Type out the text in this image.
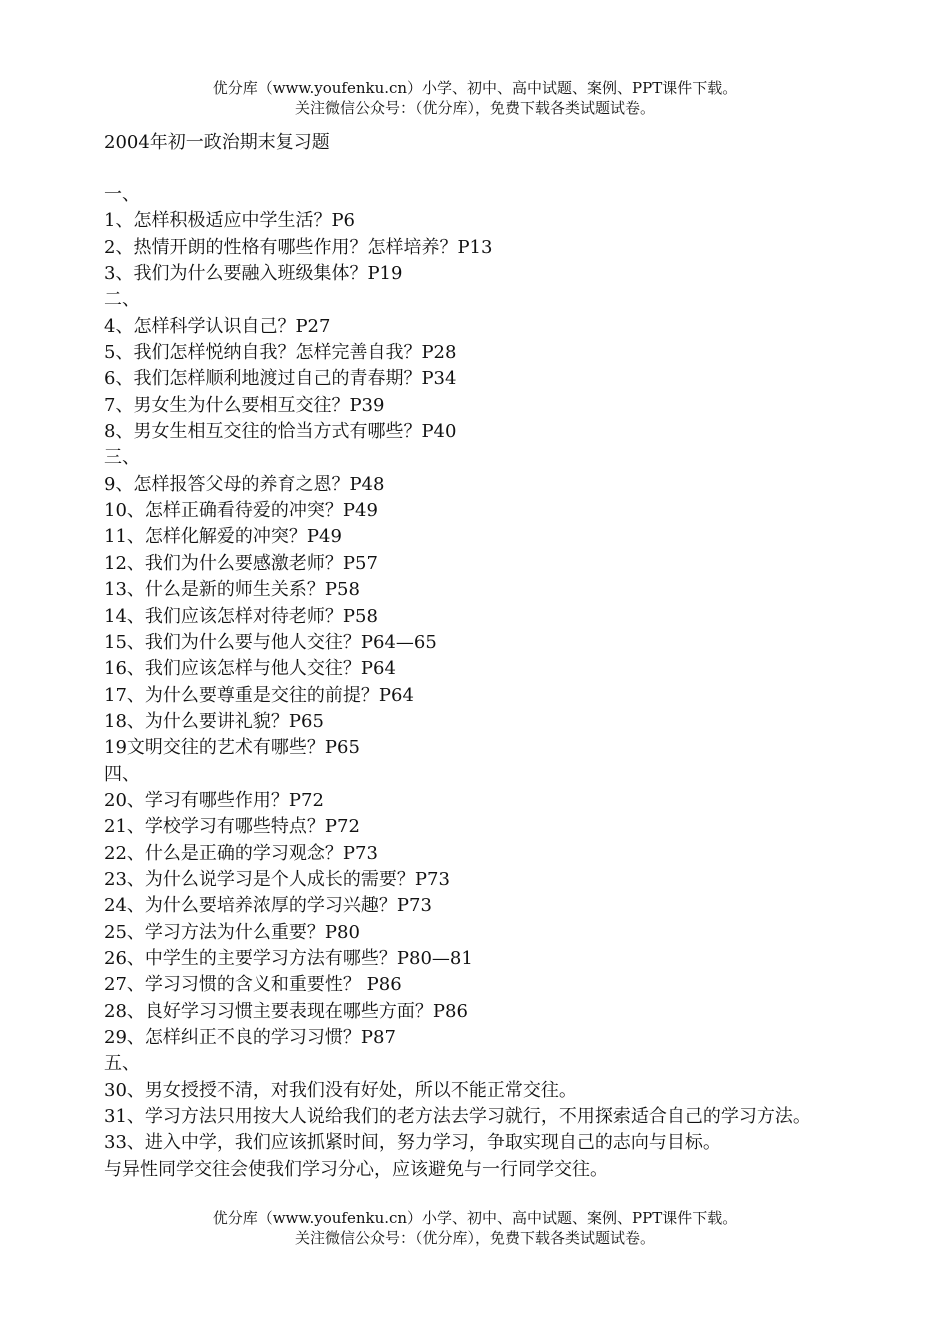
优分库（www.youfenku.cn）小学、初中、高中试题、案例、PPT课件下载。
关注微信公众号：（优分库），免费下载各类试题试卷。
2004年初一政治期末复习题
一、
1、怎样积极适应中学生活？P6
2、热情开朗的性格有哪些作用？怎样培养？P13
3、我们为什么要融入班级集体？P19
二、
4、怎样科学认识自己？P27
5、我们怎样悦纳自我？怎样完善自我？P28
6、我们怎样顺利地渡过自己的青春期？P34
7、男女生为什么要相互交往？P39
8、男女生相互交往的恰当方式有哪些？P40
三、
9、怎样报答父母的养育之恩？P48
10、怎样正确看待爱的冲突？P49
11、怎样化解爱的冲突？P49
12、我们为什么要感激老师？P57
13、什么是新的师生关系？P58
14、我们应该怎样对待老师？P58
15、我们为什么要与他人交往？P64—65
16、我们应该怎样与他人交往？P64
17、为什么要尊重是交往的前提？P64
18、为什么要讲礼貌？P65
19文明交往的艺术有哪些？P65
四、
20、学习有哪些作用？P72
21、学校学习有哪些特点？P72
22、什么是正确的学习观念？P73
23、为什么说学习是个人成长的需要？P73
24、为什么要培养浓厚的学习兴趣？P73
25、学习方法为什么重要？P80
26、中学生的主要学习方法有哪些？P80—81
27、学习习惯的含义和重要性？ P86
28、良好学习习惯主要表现在哪些方面？P86
29、怎样纠正不良的学习习惯？P87
五、
30、男女授授不清，对我们没有好处，所以不能正常交往。
31、学习方法只用按大人说给我们的老方法去学习就行，不用探索适合自己的学习方法。
33、进入中学，我们应该抓紧时间，努力学习，争取实现自己的志向与目标。
与异性同学交往会使我们学习分心，应该避免与一行同学交往。
优分库（www.youfenku.cn）小学、初中、高中试题、案例、PPT课件下载。
关注微信公众号：（优分库），免费下载各类试题试卷。
